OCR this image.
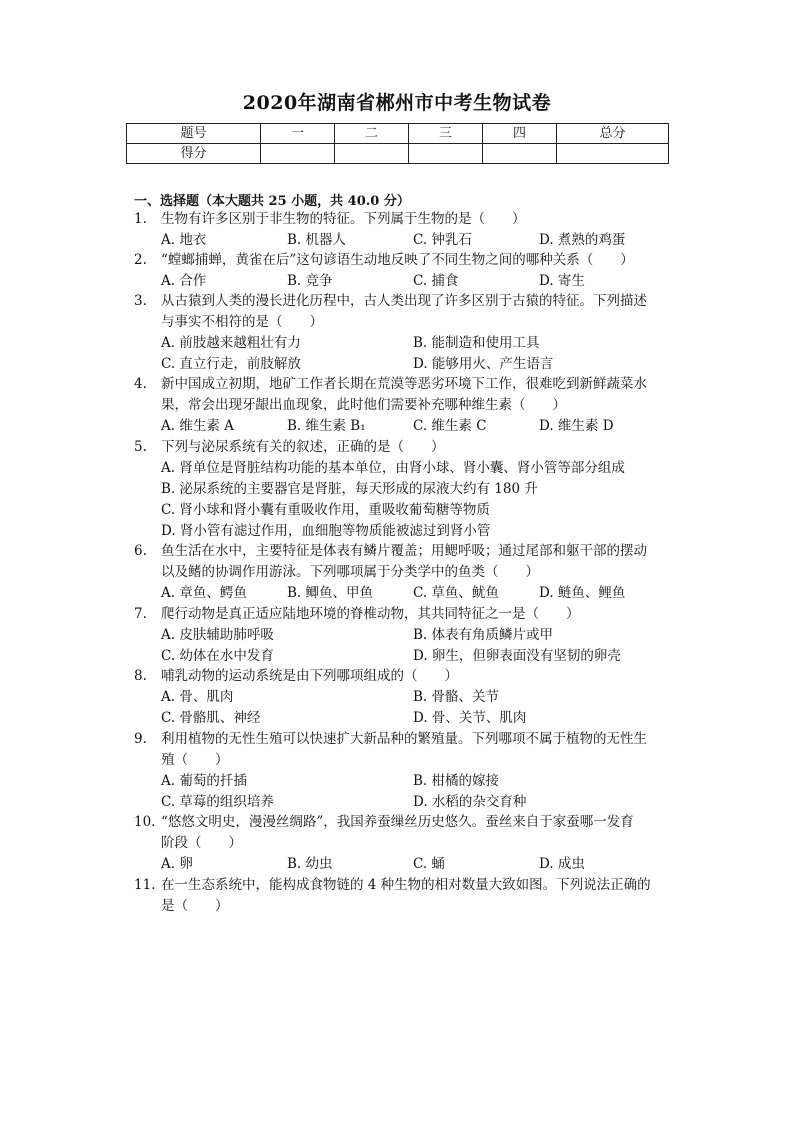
2020年湖南省郴州市中考生物试卷
题号	一	二	三	四	总分
得分					
一、选择题（本大题共 25 小题，共 40.0 分）
1.	生物有许多区别于非生物的特征。下列属于生物的是（　　）
A. 地衣	B. 机器人	C. 钟乳石	D. 煮熟的鸡蛋
2.	“螳螂捕蝉，黄雀在后”这句谚语生动地反映了不同生物之间的哪种关系（　　）
A. 合作	B. 竞争	C. 捕食	D. 寄生
3.	从古猿到人类的漫长进化历程中，古人类出现了许多区别于古猿的特征。下列描述
与事实不相符的是（　　）
A. 前肢越来越粗壮有力	B. 能制造和使用工具
C. 直立行走，前肢解放	D. 能够用火、产生语言
4.	新中国成立初期，地矿工作者长期在荒漠等恶劣环境下工作，很难吃到新鲜蔬菜水
果，常会出现牙龈出血现象，此时他们需要补充哪种维生素（　　）
A. 维生素 A	B. 维生素 B₁	C. 维生素 C	D. 维生素 D
5.	下列与泌尿系统有关的叙述，正确的是（　　）
A. 肾单位是肾脏结构功能的基本单位，由肾小球、肾小囊、肾小管等部分组成
B. 泌尿系统的主要器官是肾脏，每天形成的尿液大约有 180 升
C. 肾小球和肾小囊有重吸收作用，重吸收葡萄糖等物质
D. 肾小管有滤过作用，血细胞等物质能被滤过到肾小管
6.	鱼生活在水中，主要特征是体表有鳞片覆盖；用鳃呼吸；通过尾部和躯干部的摆动
以及鳍的协调作用游泳。下列哪项属于分类学中的鱼类（　　）
A. 章鱼、鳄鱼	B. 鲫鱼、甲鱼	C. 草鱼、鱿鱼	D. 鲢鱼、鲤鱼
7.	爬行动物是真正适应陆地环境的脊椎动物，其共同特征之一是（　　）
A. 皮肤辅助肺呼吸	B. 体表有角质鳞片或甲
C. 幼体在水中发育	D. 卵生，但卵表面没有坚韧的卵壳
8.	哺乳动物的运动系统是由下列哪项组成的（　　）
A. 骨、肌肉	B. 骨骼、关节
C. 骨骼肌、神经	D. 骨、关节、肌肉
9.	利用植物的无性生殖可以快速扩大新品种的繁殖量。下列哪项不属于植物的无性生
殖（　　）
A. 葡萄的扦插	B. 柑橘的嫁接
C. 草莓的组织培养	D. 水稻的杂交育种
10. “悠悠文明史，漫漫丝绸路”，我国养蚕缫丝历史悠久。蚕丝来自于家蚕哪一发育
阶段（　　）
A. 卵	B. 幼虫	C. 蛹	D. 成虫
11. 在一生态系统中，能构成食物链的 4 种生物的相对数量大致如图。下列说法正确的
是（　　）
